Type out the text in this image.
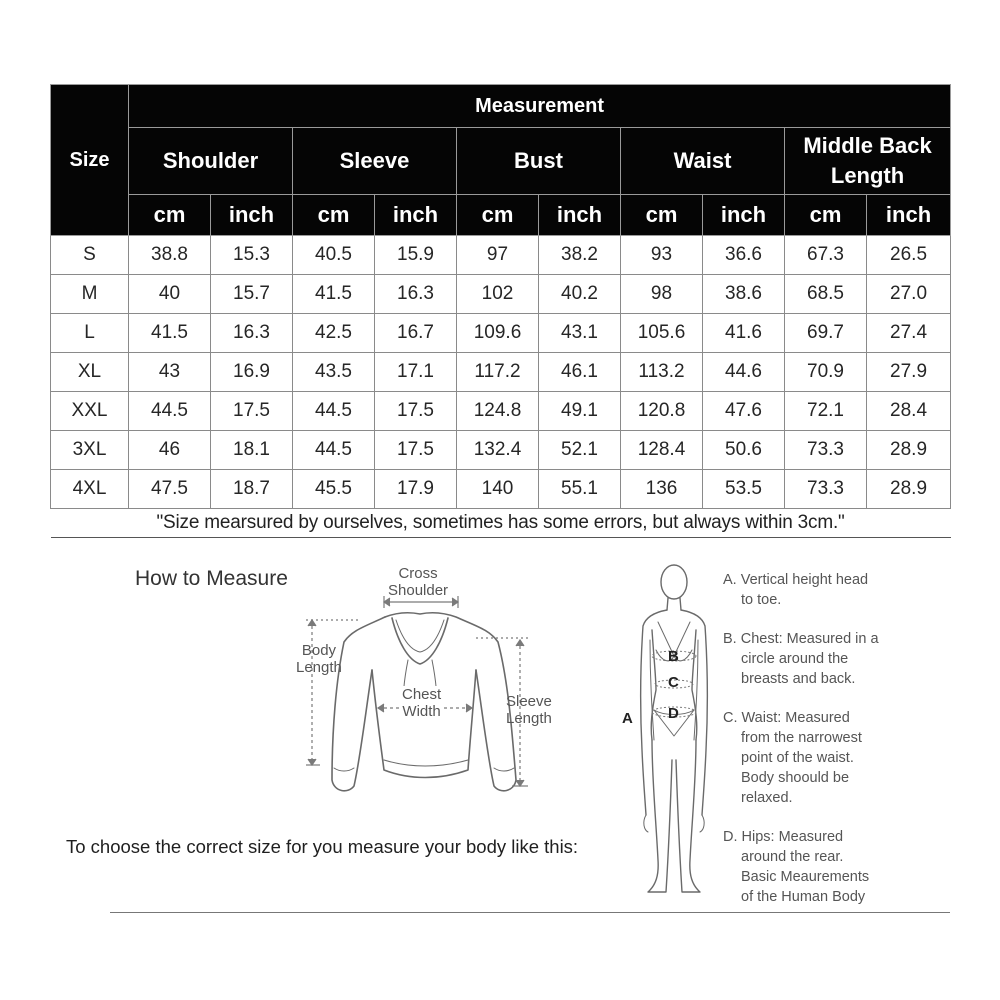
Size	Measurement									
	Shoulder		Sleeve		Bust		Waist		Middle Back
Length	
	cm	inch	cm	inch	cm	inch	cm	inch	cm	inch
S	38.8	15.3	40.5	15.9	97	38.2	93	36.6	67.3	26.5
M	40	15.7	41.5	16.3	102	40.2	98	38.6	68.5	27.0
L	41.5	16.3	42.5	16.7	109.6	43.1	105.6	41.6	69.7	27.4
XL	43	16.9	43.5	17.1	117.2	46.1	113.2	44.6	70.9	27.9
XXL	44.5	17.5	44.5	17.5	124.8	49.1	120.8	47.6	72.1	28.4
3XL	46	18.1	44.5	17.5	132.4	52.1	128.4	50.6	73.3	28.9
4XL	47.5	18.7	45.5	17.9	140	55.1	136	53.5	73.3	28.9
"Size mearsured by ourselves, sometimes has some errors, but always within 3cm."										
How to Measure	Cross
Shoulder
Body
Length
Chest
Width
Sleeve
Length
To choose the correct size for you measure your body like this:
B
C
D
A
A. Vertical height head
to toe.
B. Chest: Measured in a
circle around the
breasts and back.
C. Waist: Measured
from the narrowest
point of the waist.
Body shoould be
relaxed.
D. Hips: Measured
around the rear.
Basic Meaurements
of the Human Body
